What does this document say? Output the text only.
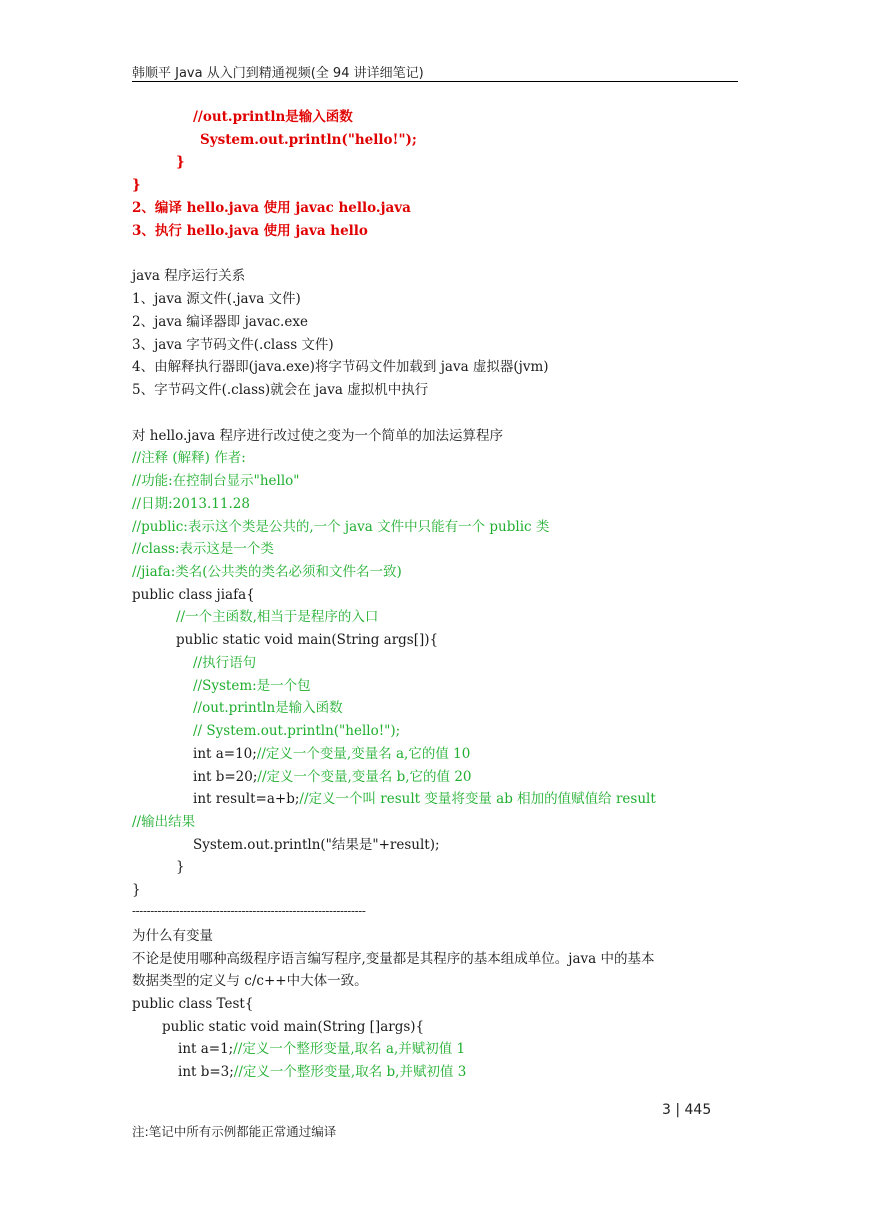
韩顺平 Java 从入门到精通视频(全 94 讲详细笔记)
//out.println是输入函数
System.out.println("hello!");
}
}
2、编译 hello.java 使用 javac hello.java
3、执行 hello.java 使用 java hello
java 程序运行关系
1、java 源文件(.java 文件)
2、java 编译器即 javac.exe
3、java 字节码文件(.class 文件)
4、由解释执行器即(java.exe)将字节码文件加载到 java 虚拟器(jvm)
5、字节码文件(.class)就会在 java 虚拟机中执行
对 hello.java 程序进行改过使之变为一个简单的加法运算程序
//注释 (解释) 作者:
//功能:在控制台显示"hello"
//日期:2013.11.28
//public:表示这个类是公共的,一个 java 文件中只能有一个 public 类
//class:表示这是一个类
//jiafa:类名(公共类的类名必须和文件名一致)
public class jiafa{
//一个主函数,相当于是程序的入口
public static void main(String args[]){
//执行语句
//System:是一个包
//out.println是输入函数
// System.out.println("hello!");
int a=10;//定义一个变量,变量名 a,它的值 10
int b=20;//定义一个变量,变量名 b,它的值 20
int result=a+b;//定义一个叫 result 变量将变量 ab 相加的值赋值给 result
//输出结果
System.out.println("结果是"+result);
}
}
----------------------------------------------------------------
为什么有变量
不论是使用哪种高级程序语言编写程序,变量都是其程序的基本组成单位。java 中的基本
数据类型的定义与 c/c++中大体一致。
public class Test{
public static void main(String []args){
int a=1;//定义一个整形变量,取名 a,并赋初值 1
int b=3;//定义一个整形变量,取名 b,并赋初值 3
3 | 445
注:笔记中所有示例都能正常通过编译
